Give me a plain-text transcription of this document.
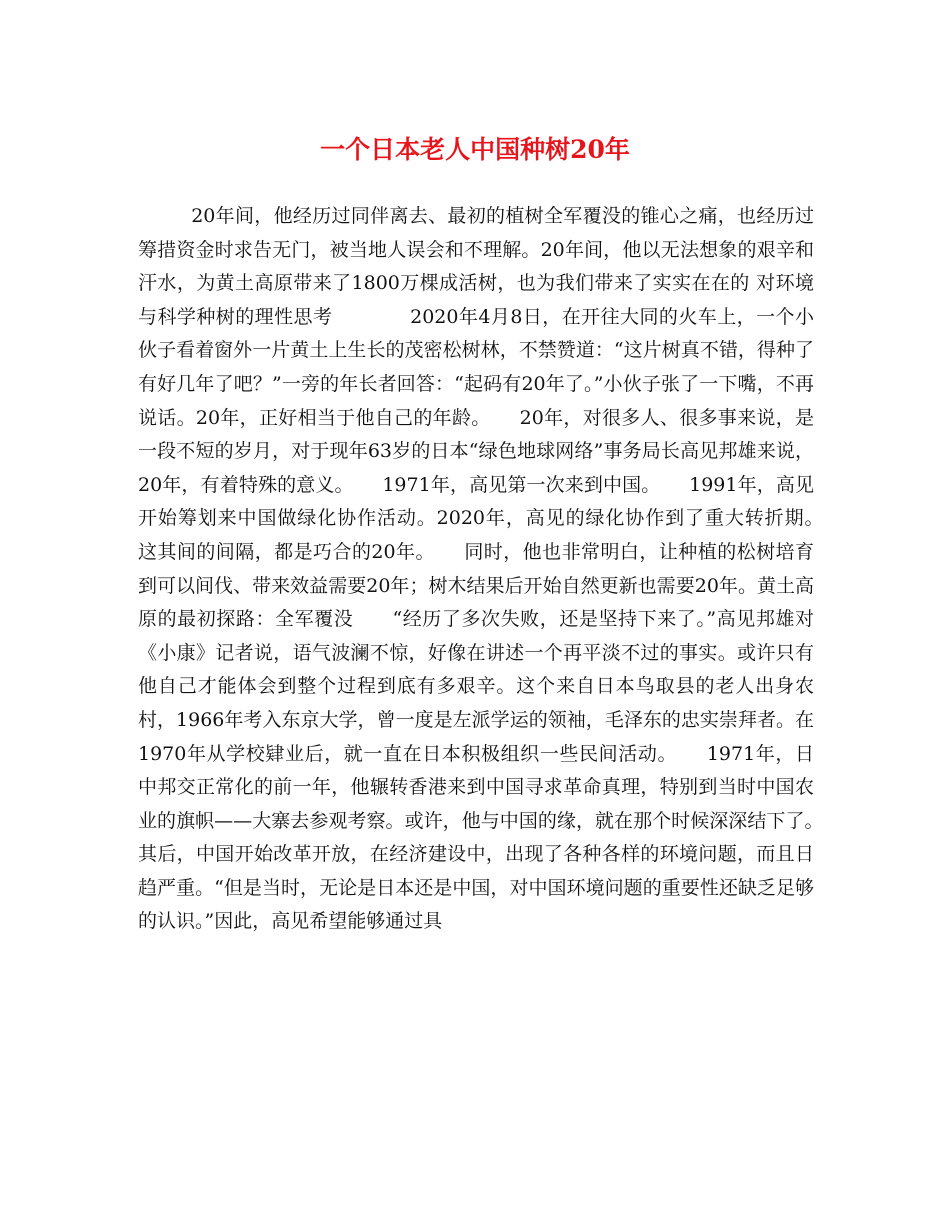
一个日本老人中国种树20年

20年间，他经历过同伴离去、最初的植树全军覆没的锥心之痛，也经历过筹措资金时求告无门，被当地人误会和不理解。20年间，他以无法想象的艰辛和汗水，为黄土高原带来了1800万棵成活树，也为我们带来了实实在在的 对环境与科学种树的理性思考　　　　2020年4月8日，在开往大同的火车上，一个小伙子看着窗外一片黄土上生长的茂密松树林，不禁赞道：“这片树真不错，得种了有好几年了吧？”一旁的年长者回答：“起码有20年了。”小伙子张了一下嘴，不再说话。20年，正好相当于他自己的年龄。　　20年，对很多人、很多事来说，是一段不短的岁月，对于现年63岁的日本“绿色地球网络”事务局长高见邦雄来说，20年，有着特殊的意义。　　1971年，高见第一次来到中国。　　1991年，高见开始筹划来中国做绿化协作活动。2020年，高见的绿化协作到了重大转折期。　　这其间的间隔，都是巧合的20年。　　同时，他也非常明白，让种植的松树培育到可以间伐、带来效益需要20年；树木结果后开始自然更新也需要20年。黄土高原的最初探路：全军覆没　　“经历了多次失败，还是坚持下来了。”高见邦雄对《小康》记者说，语气波澜不惊，好像在讲述一个再平淡不过的事实。或许只有他自己才能体会到整个过程到底有多艰辛。这个来自日本鸟取县的老人出身农村，1966年考入东京大学，曾一度是左派学运的领袖，毛泽东的忠实崇拜者。在1970年从学校肄业后，就一直在日本积极组织一些民间活动。　　1971年，日中邦交正常化的前一年，他辗转香港来到中国寻求革命真理，特别到当时中国农业的旗帜——大寨去参观考察。或许，他与中国的缘，就在那个时候深深结下了。　　其后，中国开始改革开放，在经济建设中，出现了各种各样的环境问题，而且日趋严重。“但是当时，无论是日本还是中国，对中国环境问题的重要性还缺乏足够的认识。”因此，高见希望能够通过具
